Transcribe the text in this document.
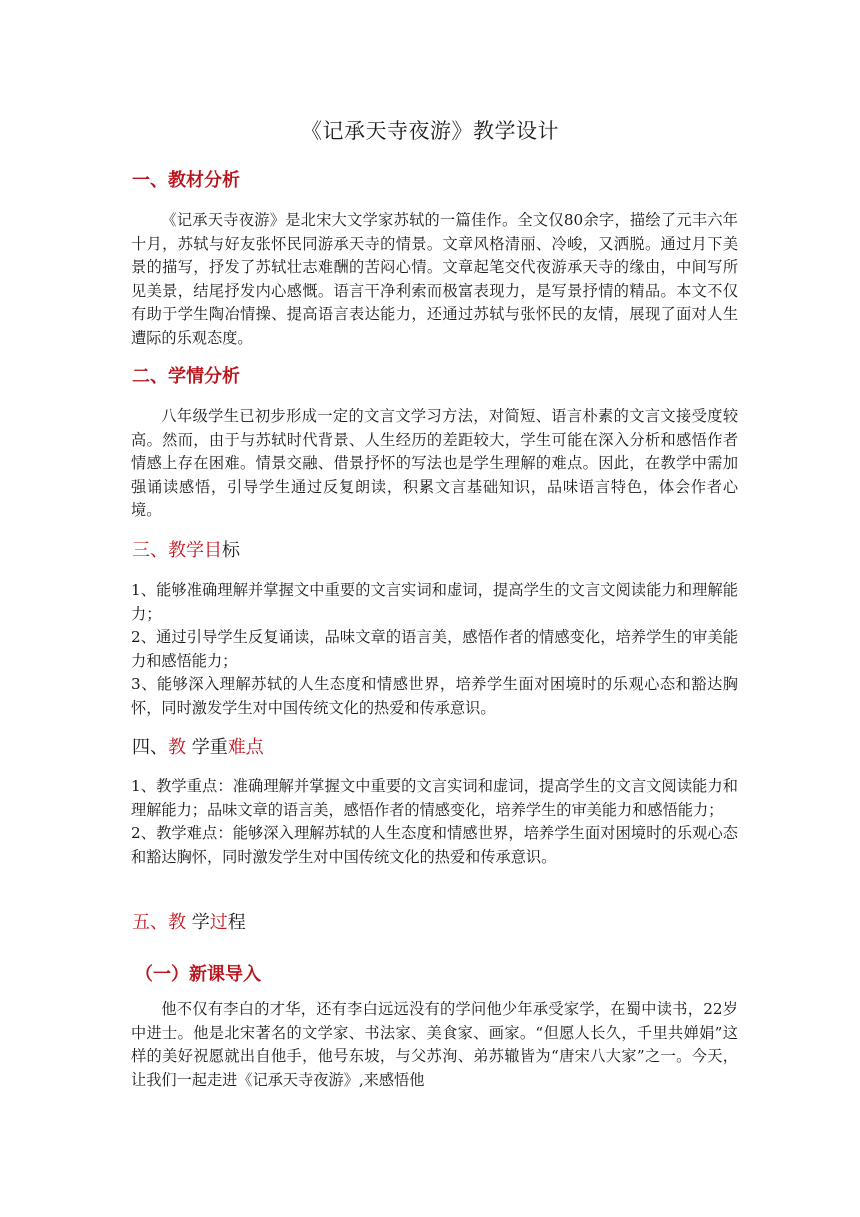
《记承天寺夜游》教学设计
一、教材分析

《记承天寺夜游》是北宋大文学家苏轼的一篇佳作。全文仅80余字，描绘了元丰六年十月，苏轼与好友张怀民同游承天寺的情景。文章风格清丽、冷峻，又洒脱。通过月下美景的描写，抒发了苏轼壮志难酬的苦闷心情。文章起笔交代夜游承天寺的缘由，中间写所见美景，结尾抒发内心感慨。语言干净利索而极富表现力，是写景抒情的精品。本文不仅有助于学生陶冶情操、提高语言表达能力，还通过苏轼与张怀民的友情，展现了面对人生遭际的乐观态度。

二、学情分析

八年级学生已初步形成一定的文言文学习方法，对简短、语言朴素的文言文接受度较高。然而，由于与苏轼时代背景、人生经历的差距较大，学生可能在深入分析和感悟作者情感上存在困难。情景交融、借景抒怀的写法也是学生理解的难点。因此，在教学中需加强诵读感悟，引导学生通过反复朗读，积累文言基础知识，品味语言特色，体会作者心境。

三、教学目标

1、能够准确理解并掌握文中重要的文言实词和虚词，提高学生的文言文阅读能力和理解能力；

2、通过引导学生反复诵读，品味文章的语言美，感悟作者的情感变化，培养学生的审美能力和感悟能力；

3、能够深入理解苏轼的人生态度和情感世界，培养学生面对困境时的乐观心态和豁达胸怀，同时激发学生对中国传统文化的热爱和传承意识。

四、教 学重难点

1、教学重点：准确理解并掌握文中重要的文言实词和虚词，提高学生的文言文阅读能力和理解能力；品味文章的语言美，感悟作者的情感变化，培养学生的审美能力和感悟能力；

2、教学难点：能够深入理解苏轼的人生态度和情感世界，培养学生面对困境时的乐观心态和豁达胸怀，同时激发学生对中国传统文化的热爱和传承意识。

五、教 学过程
（一）新课导入

他不仅有李白的才华，还有李白远远没有的学问他少年承受家学，在蜀中读书，22岁中进士。他是北宋著名的文学家、书法家、美食家、画家。“但愿人长久，千里共婵娟”这样的美好祝愿就出自他手，他号东坡，与父苏洵、弟苏辙皆为“唐宋八大家”之一。今天，让我们一起走进《记承天寺夜游》,来感悟他
